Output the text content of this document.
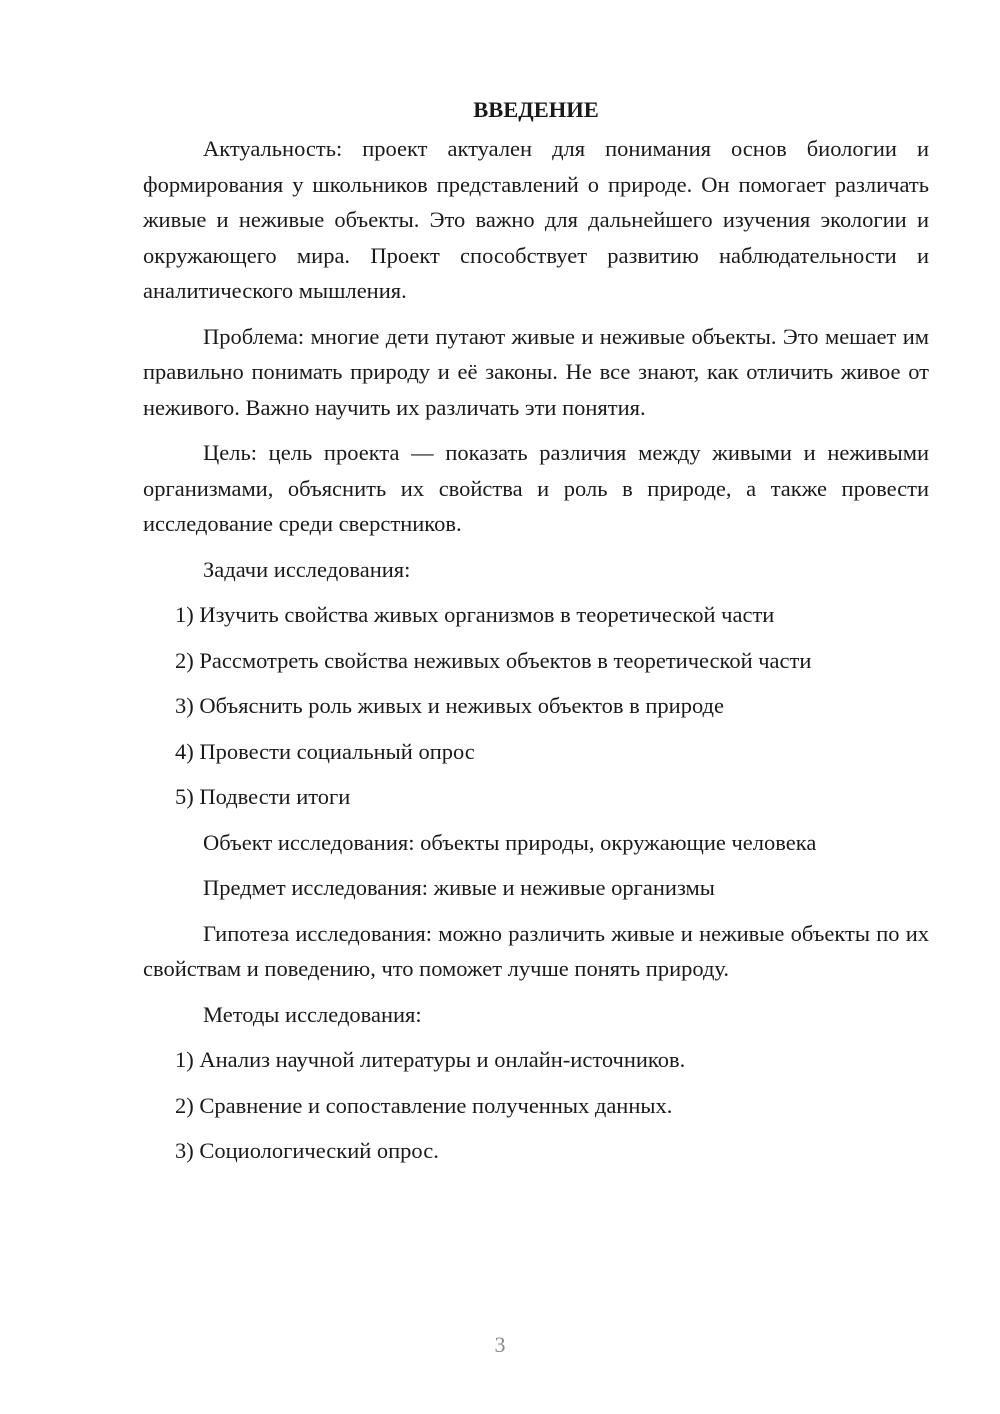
ВВЕДЕНИЕ

Актуальность: проект актуален для понимания основ биологии и формирования у школьников представлений о природе. Он помогает различать живые и неживые объекты. Это важно для дальнейшего изучения экологии и окружающего мира. Проект способствует развитию наблюдательности и аналитического мышления.

Проблема: многие дети путают живые и неживые объекты. Это мешает им правильно понимать природу и её законы. Не все знают, как отличить живое от неживого. Важно научить их различать эти понятия.

Цель: цель проекта — показать различия между живыми и неживыми организмами, объяснить их свойства и роль в природе, а также провести исследование среди сверстников.

Задачи исследования:

1) Изучить свойства живых организмов в теоретической части

2) Рассмотреть свойства неживых объектов в теоретической части

3) Объяснить роль живых и неживых объектов в природе

4) Провести социальный опрос

5) Подвести итоги

Объект исследования: объекты природы, окружающие человека

Предмет исследования: живые и неживые организмы

Гипотеза исследования: можно различить живые и неживые объекты по их свойствам и поведению, что поможет лучше понять природу.

Методы исследования:

1) Анализ научной литературы и онлайн-источников.

2) Сравнение и сопоставление полученных данных.

3) Социологический опрос.

3
